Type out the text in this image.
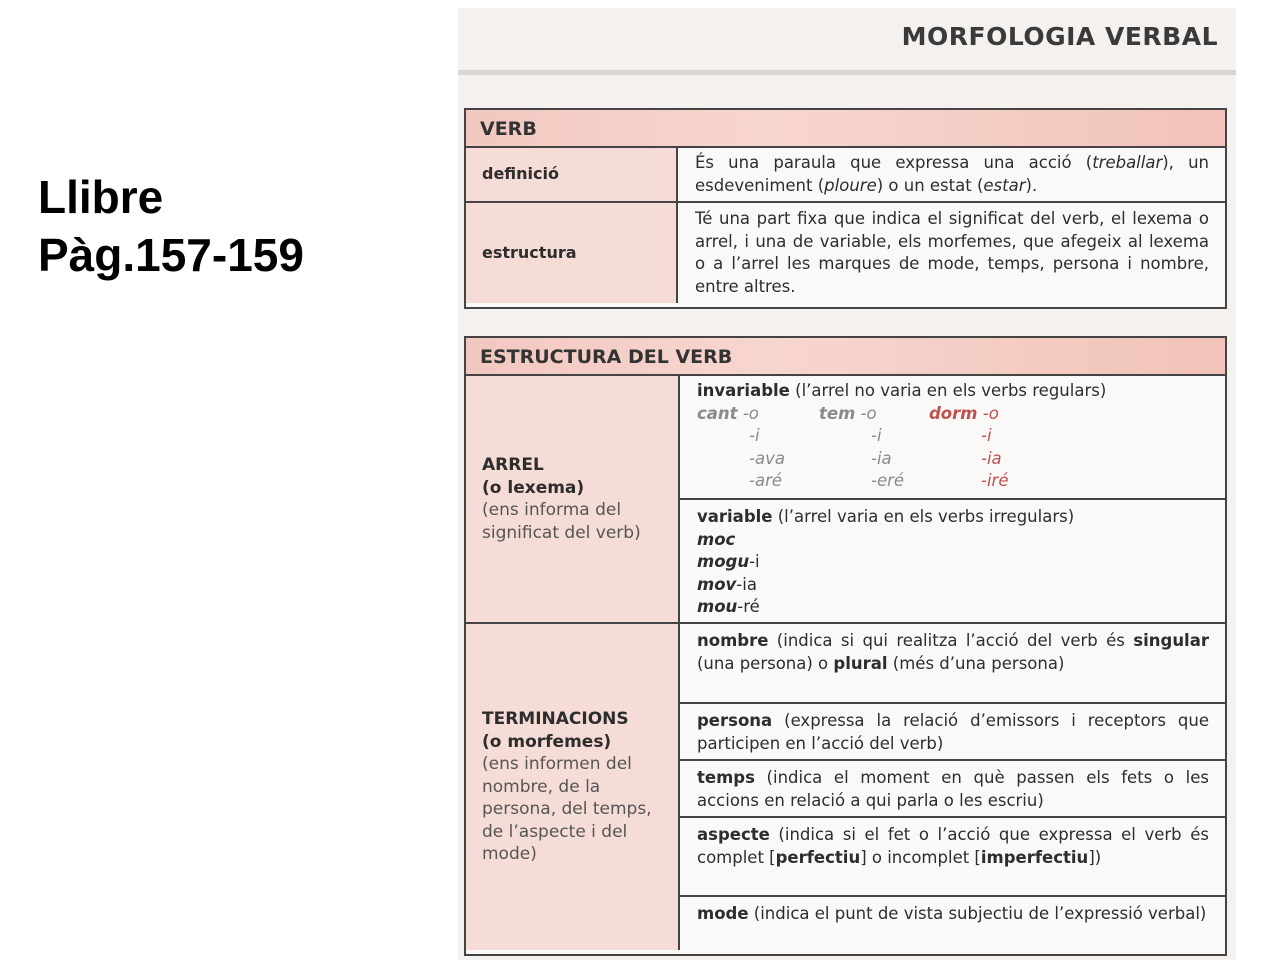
Llibre
Pàg.157-159
MORFOLOGIA VERBAL
VERB
definició
És una paraula que expressa una acció (treballar), un esdeveniment (ploure) o un estat (estar).
estructura
Té una part fixa que indica el significat del verb, el lexema o arrel, i una de variable, els morfemes, que afegeix al lexema o a l’arrel les marques de mode, temps, persona i nombre, entre altres.
ESTRUCTURA DEL VERB
ARREL
(o lexema)
(ens informa del significat del verb)
invariable (l’arrel no varia en els verbs regulars)
cant -o	tem -o	dorm -o
-i	-i	-i
-ava	-ia	-ia
-aré	-eré	-iré
variable (l’arrel varia en els verbs irregulars)
moc
mogu-i
mov-ia
mou-ré
TERMINACIONS
(o morfemes)
(ens informen del nombre, de la persona, del temps, de l’aspecte i del mode)
nombre (indica si qui realitza l’acció del verb és singular (una persona) o plural (més d’una persona)
persona (expressa la relació d’emissors i receptors que participen en l’acció del verb)
temps (indica el moment en què passen els fets o les accions en relació a qui parla o les escriu)
aspecte (indica si el fet o l’acció que expressa el verb és complet [perfectiu] o incomplet [imperfectiu])
mode (indica el punt de vista subjectiu de l’expressió verbal)
